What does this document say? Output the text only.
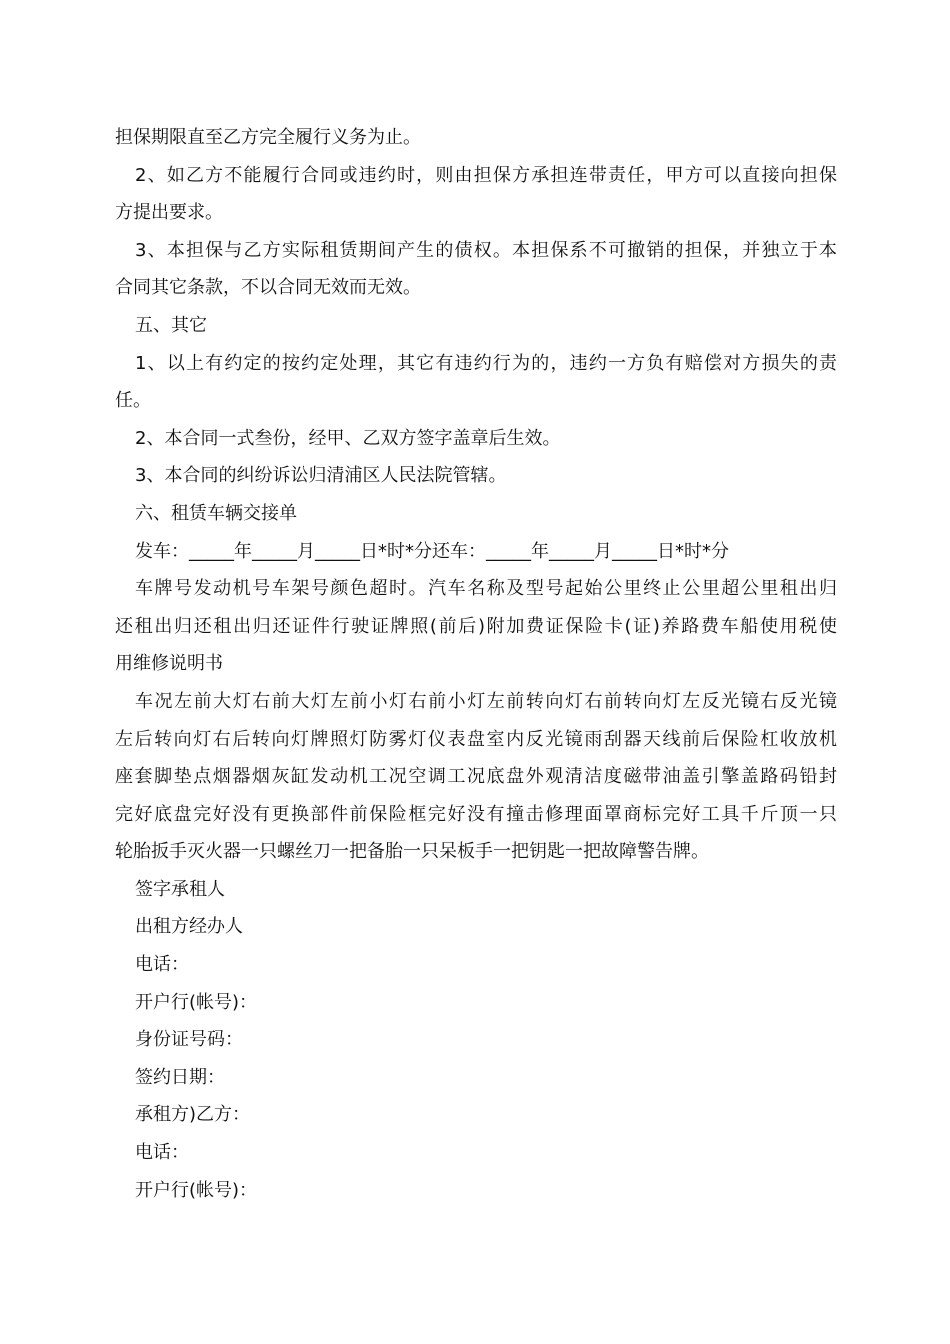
担保期限直至乙方完全履行义务为止。
2、如乙方不能履行合同或违约时，则由担保方承担连带责任，甲方可以直接向担保
方提出要求。
3、本担保与乙方实际租赁期间产生的债权。本担保系不可撤销的担保，并独立于本
合同其它条款，不以合同无效而无效。
五、其它
1、以上有约定的按约定处理，其它有违约行为的，违约一方负有赔偿对方损失的责
任。
2、本合同一式叁份，经甲、乙双方签字盖章后生效。
3、本合同的纠纷诉讼归清浦区人民法院管辖。
六、租赁车辆交接单
发车：_____年_____月_____日*时*分还车：_____年_____月_____日*时*分
车牌号发动机号车架号颜色超时。汽车名称及型号起始公里终止公里超公里租出归
还租出归还租出归还证件行驶证牌照(前后)附加费证保险卡(证)养路费车船使用税使
用维修说明书
车况左前大灯右前大灯左前小灯右前小灯左前转向灯右前转向灯左反光镜右反光镜
左后转向灯右后转向灯牌照灯防雾灯仪表盘室内反光镜雨刮器天线前后保险杠收放机
座套脚垫点烟器烟灰缸发动机工况空调工况底盘外观清洁度磁带油盖引擎盖路码铅封
完好底盘完好没有更换部件前保险框完好没有撞击修理面罩商标完好工具千斤顶一只
轮胎扳手灭火器一只螺丝刀一把备胎一只呆板手一把钥匙一把故障警告牌。
签字承租人
出租方经办人
电话：
开户行(帐号)：
身份证号码：
签约日期：
承租方)乙方：
电话：
开户行(帐号)：
